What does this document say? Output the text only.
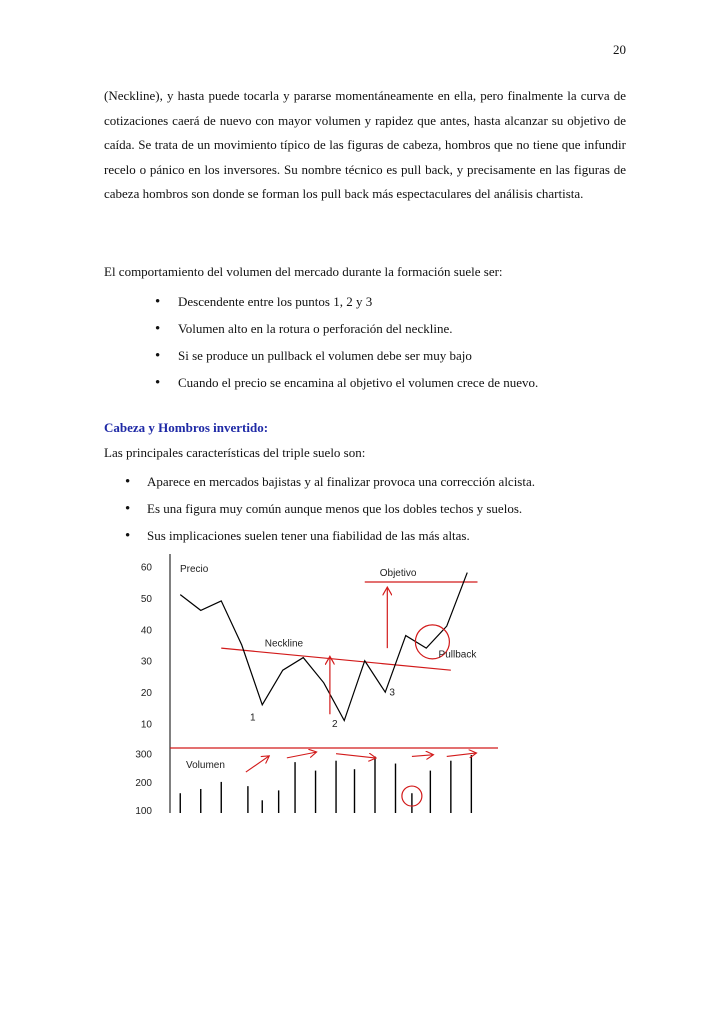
20

(Neckline), y hasta puede tocarla y pararse momentáneamente en ella, pero finalmente la curva de cotizaciones caerá de nuevo con mayor volumen y rapidez que antes, hasta alcanzar su objetivo de caída. Se trata de un movimiento típico de las figuras de cabeza, hombros que no tiene que infundir recelo o pánico en los inversores. Su nombre técnico es pull back, y precisamente en las figuras de cabeza hombros son donde se forman los pull back más espectaculares del análisis chartista.

El comportamiento del volumen del mercado durante la formación suele ser:

• Descendente entre los puntos 1, 2 y 3
• Volumen alto en la rotura o perforación del neckline.
• Si se produce un pullback el volumen debe ser muy bajo
• Cuando el precio se encamina al objetivo el volumen crece de nuevo.

Cabeza y Hombros invertido:

Las principales características del triple suelo son:

• Aparece en mercados bajistas y al finalizar provoca una corrección alcista.
• Es una figura muy común aunque menos que los dobles techos y suelos.
• Sus implicaciones suelen tener una fiabilidad de las más altas.
Precio
60
50
40
30
20
10
Objetivo
Neckline
1
2
3
Pullback
Volumen
300
200
100
